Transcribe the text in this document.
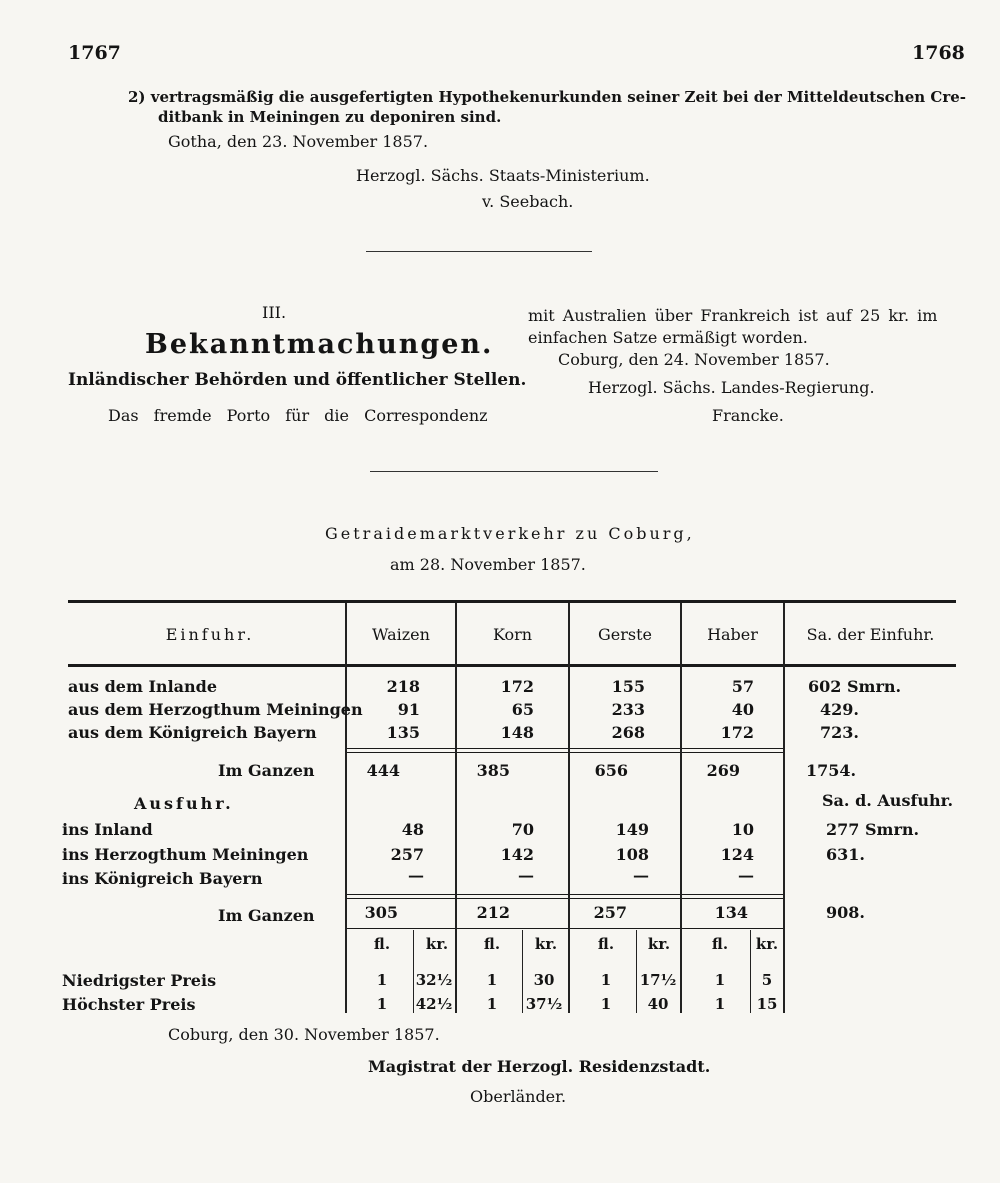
1767	1768
2) vertragsmäßig die ausgefertigten Hypothekenurkunden seiner Zeit bei der Mitteldeutschen Cre-
ditbank in Meiningen zu deponiren sind.
Gotha, den 23. November 1857.
Herzogl. Sächs. Staats-Ministerium.
v. Seebach.
III.
Bekanntmachungen.
Inländischer Behörden und öffentlicher Stellen.
Das fremde Porto für die Correspondenz
mit Australien über Frankreich ist auf 25 kr. im
einfachen Satze ermäßigt worden.
Coburg, den 24. November 1857.
Herzogl. Sächs. Landes-Regierung.
Francke.
Getraidemarktverkehr zu Coburg,
am 28. November 1857.
Einfuhr.	Waizen	Korn	Gerste	Haber	Sa. der Einfuhr.
aus dem Inlande	218	172	155	57	602 Smrn.
aus dem Herzogthum Meiningen	91	65	233	40	429.
aus dem Königreich Bayern	135	148	268	172	723.
Im Ganzen	444	385	656	269	1754.
Ausfuhr.	Sa. d. Ausfuhr.
ins Inland	48	70	149	10	277 Smrn.
ins Herzogthum Meiningen	257	142	108	124	631.
ins Königreich Bayern	—	—	—	—
Im Ganzen	305	212	257	134	908.
fl.	kr.	fl.	kr.	fl.	kr.	fl.	kr.
Niedrigster Preis	1	32½	1	30	1	17½	1	5
Höchster Preis	1	42½	1	37½	1	40	1	15
Coburg, den 30. November 1857.
Magistrat der Herzogl. Residenzstadt.
Oberländer.
